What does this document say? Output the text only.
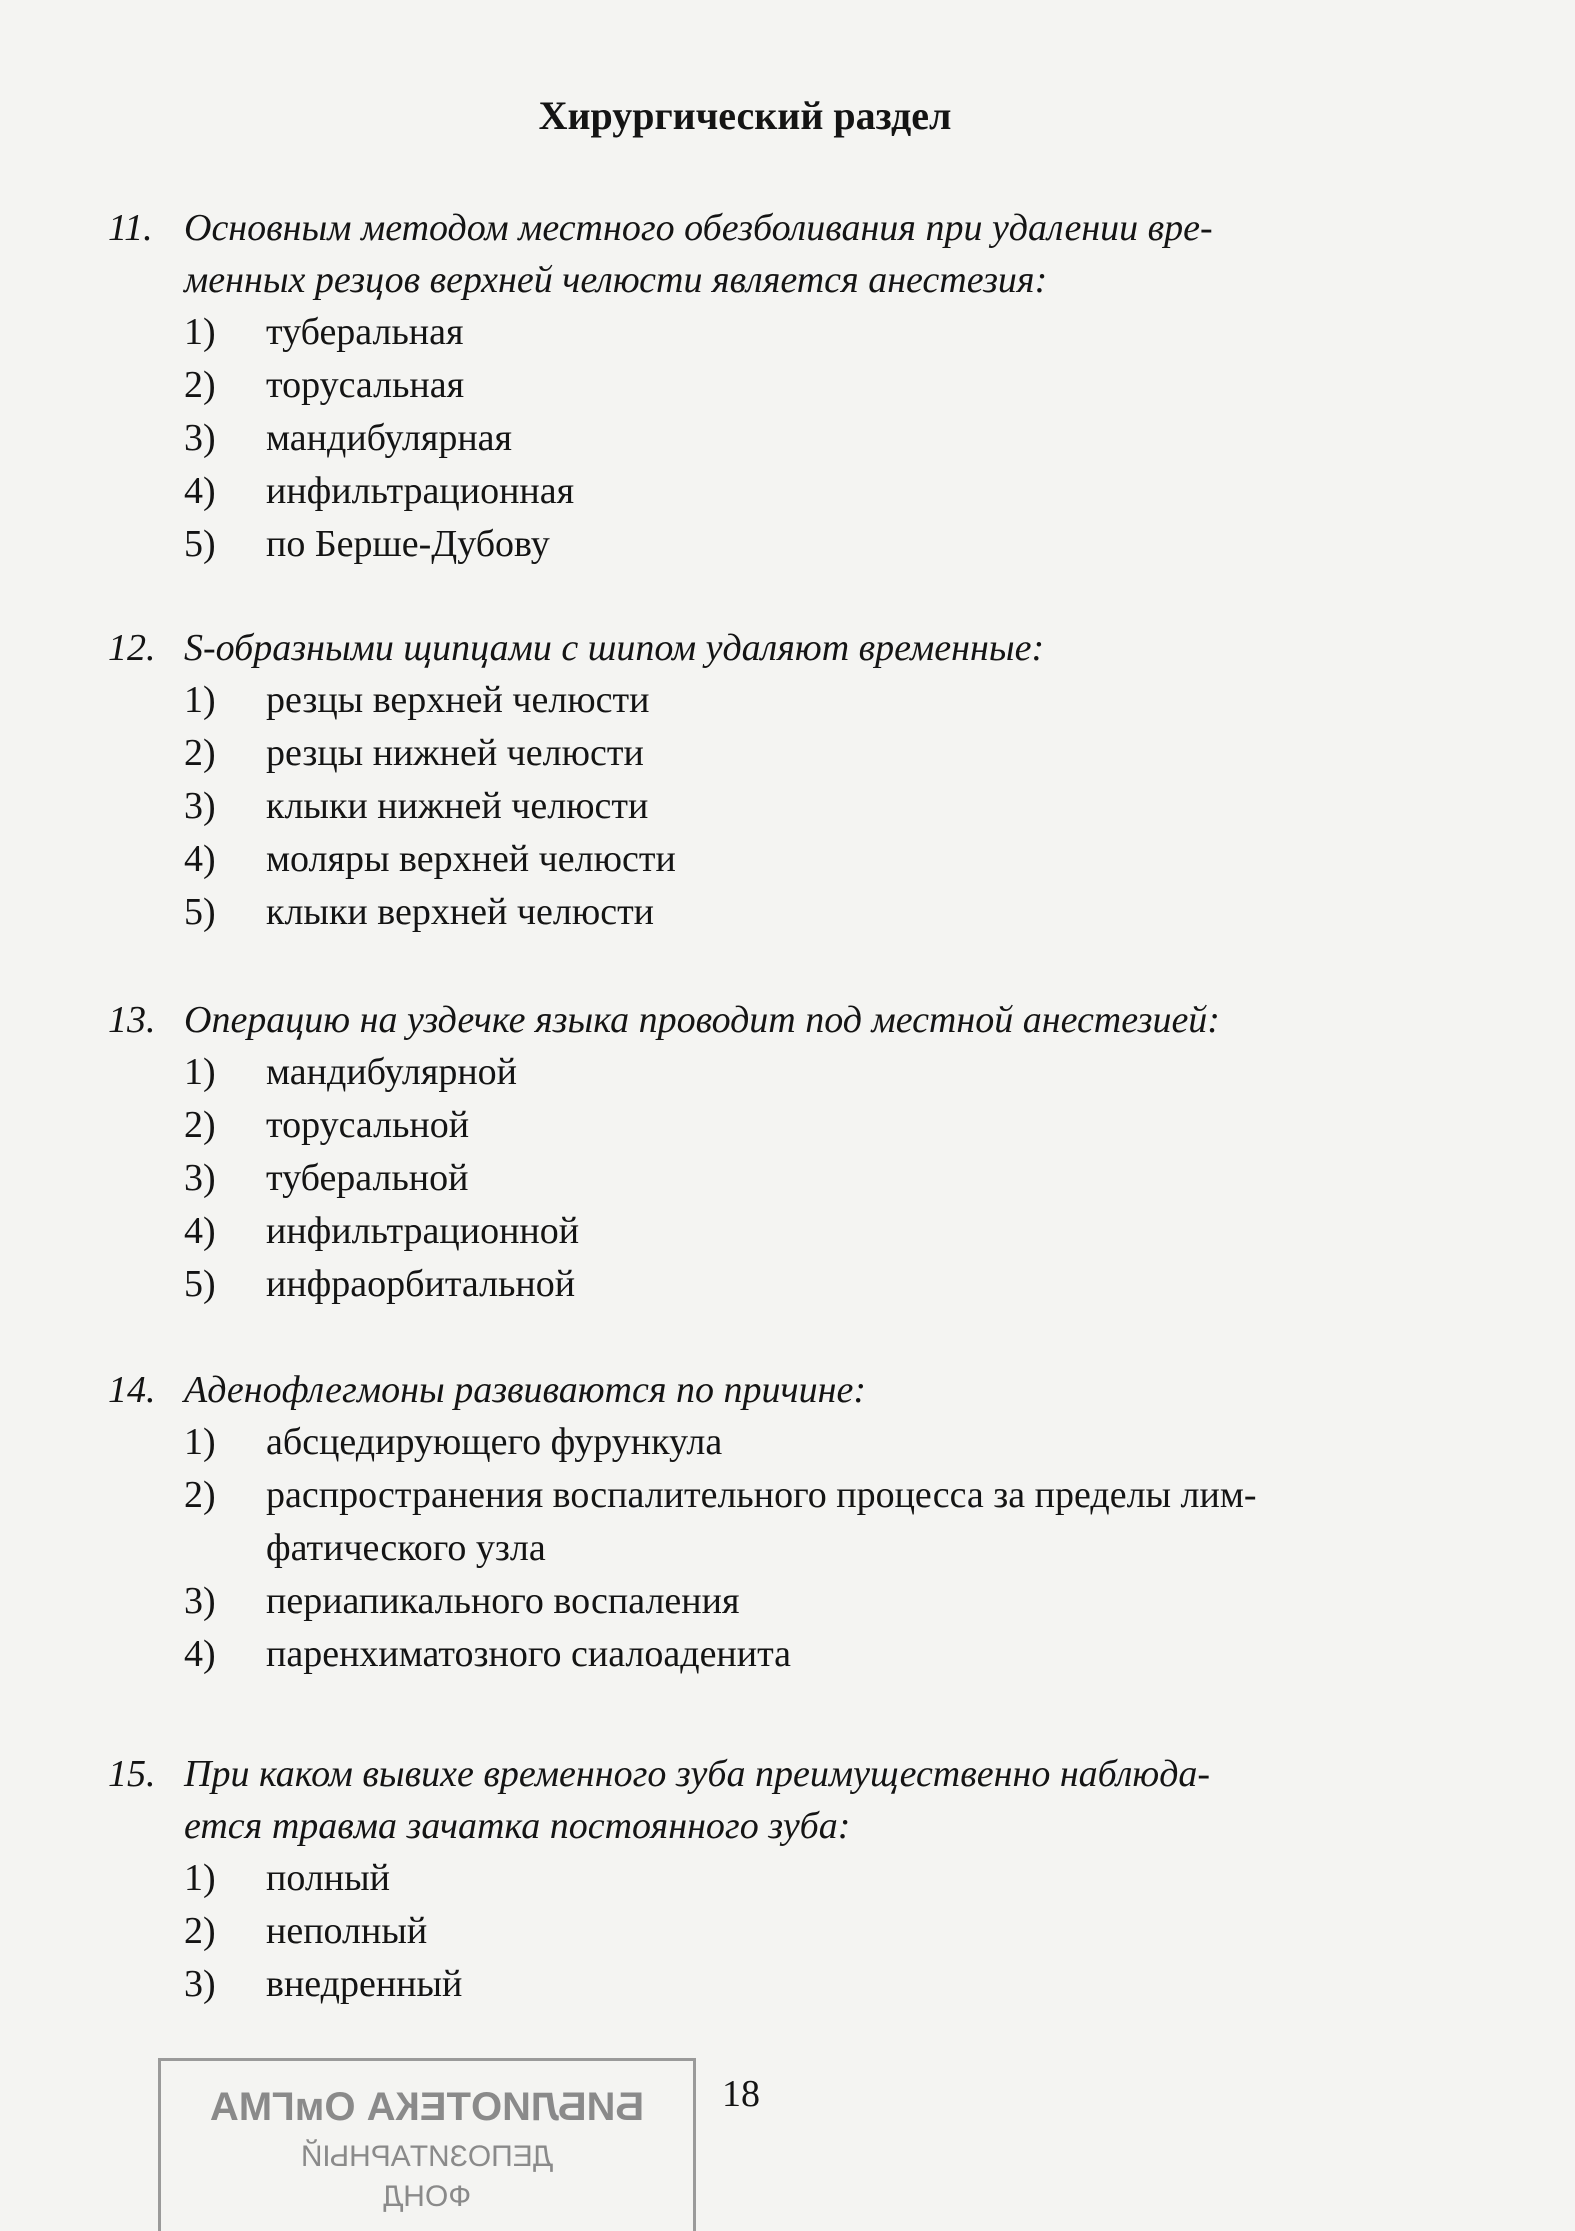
Хирургический раздел
11. Основным методом местного обезболивания при удалении вре-
менных резцов верхней челюсти является анестезия:
1)	туберальная
2)	торусальная
3)	мандибулярная
4)	инфильтрационная
5)	по Берше-Дубову
12. S-образными щипцами с шипом удаляют временные:
1)	резцы верхней челюсти
2)	резцы нижней челюсти
3)	клыки нижней челюсти
4)	моляры верхней челюсти
5)	клыки верхней челюсти
13. Операцию на уздечке языка проводит под местной анестезией:
1)	мандибулярной
2)	торусальной
3)	туберальной
4)	инфильтрационной
5)	инфраорбитальной
14. Аденофлегмоны развиваются по причине:
1)	абсцедирующего фурункула
2)	распространения воспалительного процесса за пределы лим-
фатического узла
3)	периапикального воспаления
4)	паренхиматозного сиалоаденита
15. При каком вывихе временного зуба преимущественно наблюда-
ется травма зачатка постоянного зуба:
1)	полный
2)	неполный
3)	внедренный
БИБЛИОТЕКА ОмГМА
ДЕПОЗИТАРНЫЙ
ФОНД
18
